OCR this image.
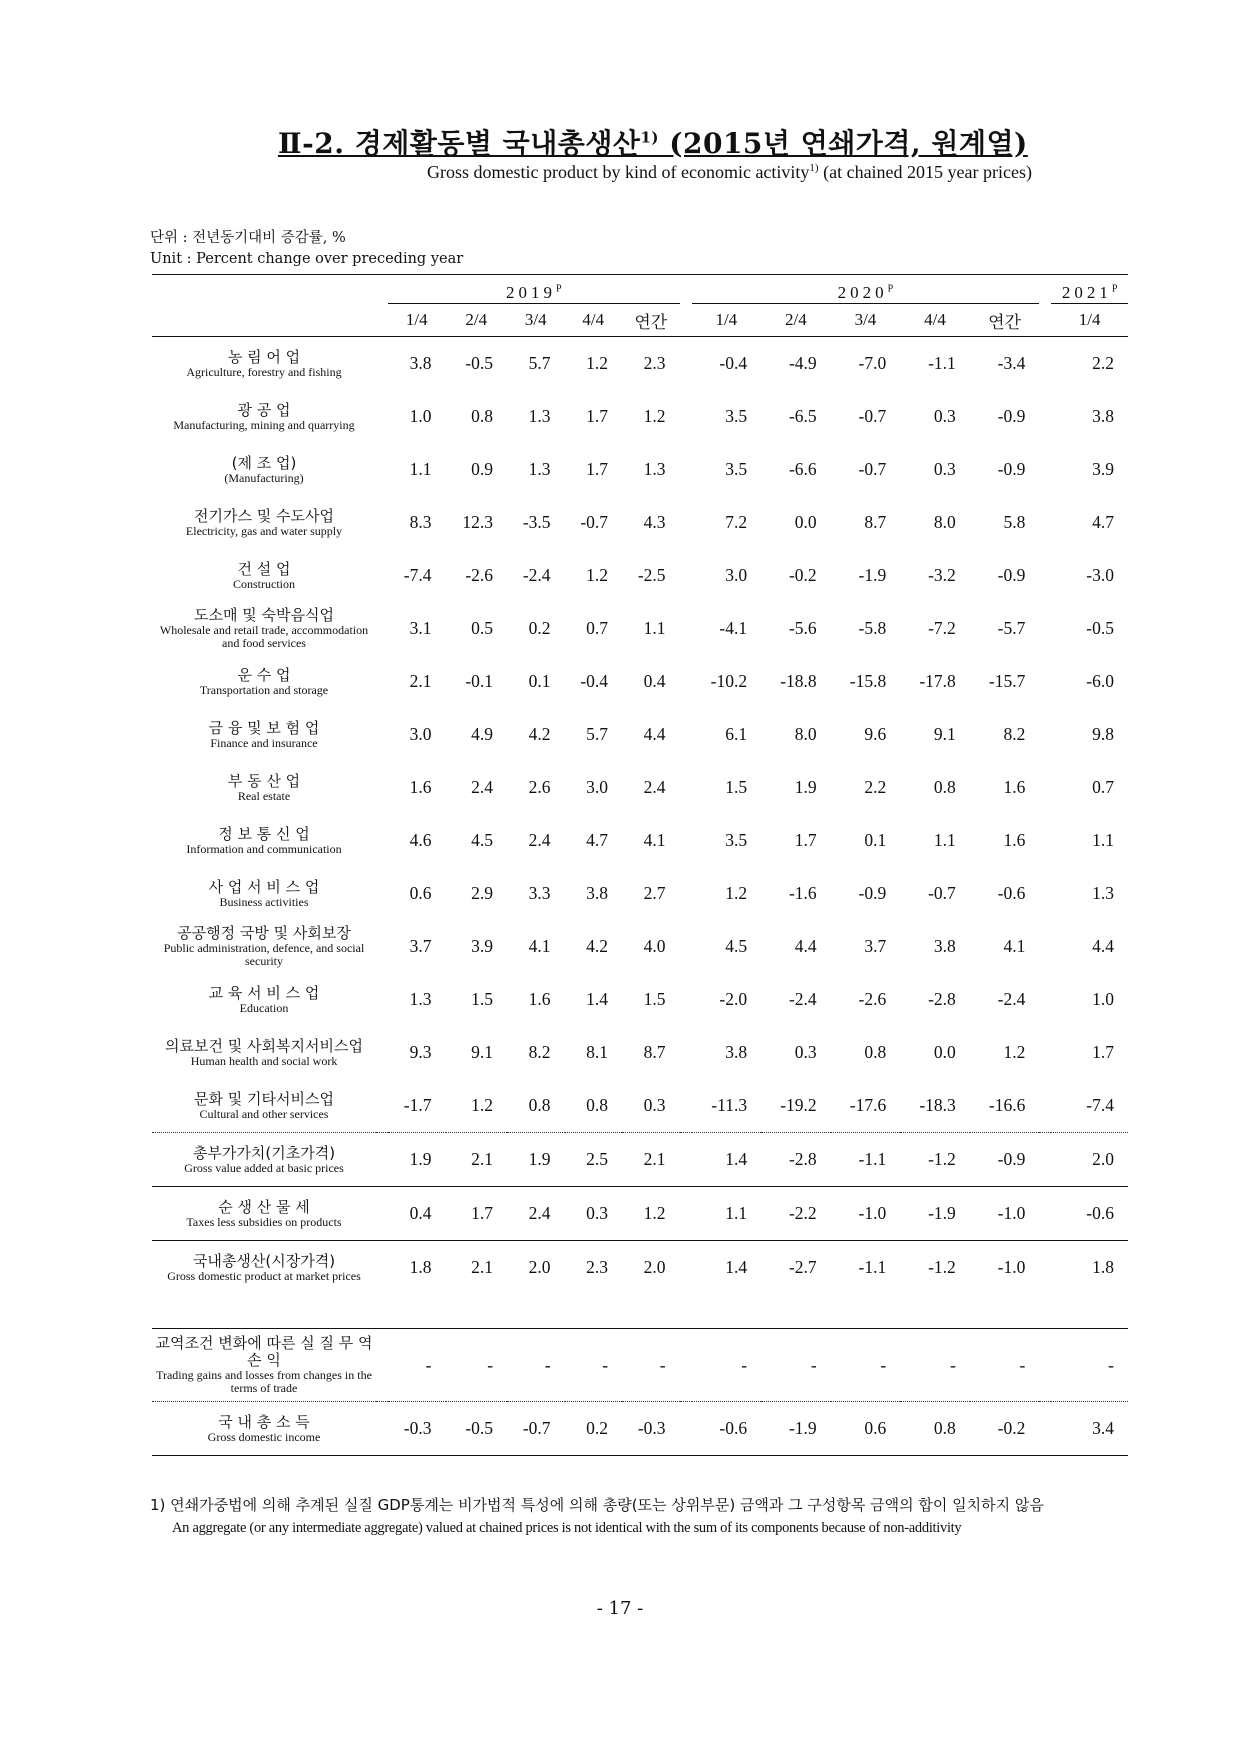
Ⅱ-2. 경제활동별 국내총생산$^{1)}$ (2015년 연쇄가격, 원계열)
Gross domestic product by kind of economic activity$^{1)}$ (at chained 2015 year prices)
단위 : 전년동기대비 증감률, %
Unit : Percent change over preceding year
		$2019^P$						$2020^P$						$2021^P$
		1/4	2/4	3/4	4/4	연간		1/4	2/4	3/4	4/4	연간		1/4

농 림 어 업
Agriculture, forestry and fishing		3.8	-0.5	5.7	1.2	2.3		-0.4	-4.9	-7.0	-1.1	-3.4		2.2

광 공 업
Manufacturing, mining and quarrying		1.0	0.8	1.3	1.7	1.2		3.5	-6.5	-0.7	0.3	-0.9		3.8

(제 조 업)
(Manufacturing)		1.1	0.9	1.3	1.7	1.3		3.5	-6.6	-0.7	0.3	-0.9		3.9

전기가스 및 수도사업
Electricity, gas and water supply		8.3	12.3	-3.5	-0.7	4.3		7.2	0.0	8.7	8.0	5.8		4.7

건 설 업
Construction		-7.4	-2.6	-2.4	1.2	-2.5		3.0	-0.2	-1.9	-3.2	-0.9		-3.0

도소매 및 숙박음식업
Wholesale and retail trade, accommodation and food services		3.1	0.5	0.2	0.7	1.1		-4.1	-5.6	-5.8	-7.2	-5.7		-0.5

운 수 업
Transportation and storage		2.1	-0.1	0.1	-0.4	0.4		-10.2	-18.8	-15.8	-17.8	-15.7		-6.0

금 융 및 보 험 업
Finance and insurance		3.0	4.9	4.2	5.7	4.4		6.1	8.0	9.6	9.1	8.2		9.8

부 동 산 업
Real estate		1.6	2.4	2.6	3.0	2.4		1.5	1.9	2.2	0.8	1.6		0.7

정 보 통 신 업
Information and communication		4.6	4.5	2.4	4.7	4.1		3.5	1.7	0.1	1.1	1.6		1.1

사 업 서 비 스 업
Business activities		0.6	2.9	3.3	3.8	2.7		1.2	-1.6	-0.9	-0.7	-0.6		1.3

공공행정 국방 및 사회보장
Public administration, defence, and social security		3.7	3.9	4.1	4.2	4.0		4.5	4.4	3.7	3.8	4.1		4.4

교 육 서 비 스 업
Education		1.3	1.5	1.6	1.4	1.5		-2.0	-2.4	-2.6	-2.8	-2.4		1.0

의료보건 및 사회복지서비스업
Human health and social work		9.3	9.1	8.2	8.1	8.7		3.8	0.3	0.8	0.0	1.2		1.7

문화 및 기타서비스업
Cultural and other services		-1.7	1.2	0.8	0.8	0.3		-11.3	-19.2	-17.6	-18.3	-16.6		-7.4

총부가가치(기초가격)
Gross value added at basic prices		1.9	2.1	1.9	2.5	2.1		1.4	-2.8	-1.1	-1.2	-0.9		2.0

순 생 산 물 세
Taxes less subsidies on products		0.4	1.7	2.4	0.3	1.2		1.1	-2.2	-1.0	-1.9	-1.0		-0.6

국내총생산(시장가격)
Gross domestic product at market prices		1.8	2.1	2.0	2.3	2.0		1.4	-2.7	-1.1	-1.2	-1.0		1.8

교역조건 변화에 따른 실 질 무 역 손 익
Trading gains and losses from changes in the terms of trade		-	-	-	-	-		-	-	-	-	-		-

국 내 총 소 득
Gross domestic income		-0.3	-0.5	-0.7	0.2	-0.3		-0.6	-1.9	0.6	0.8	-0.2		3.4
1) 연쇄가중법에 의해 추계된 실질 GDP통계는 비가법적 특성에 의해 총량(또는 상위부문) 금액과 그 구성항목 금액의 합이 일치하지 않음
An aggregate (or any intermediate aggregate) valued at chained prices is not identical with the sum of its components because of non-additivity
- 17 -
